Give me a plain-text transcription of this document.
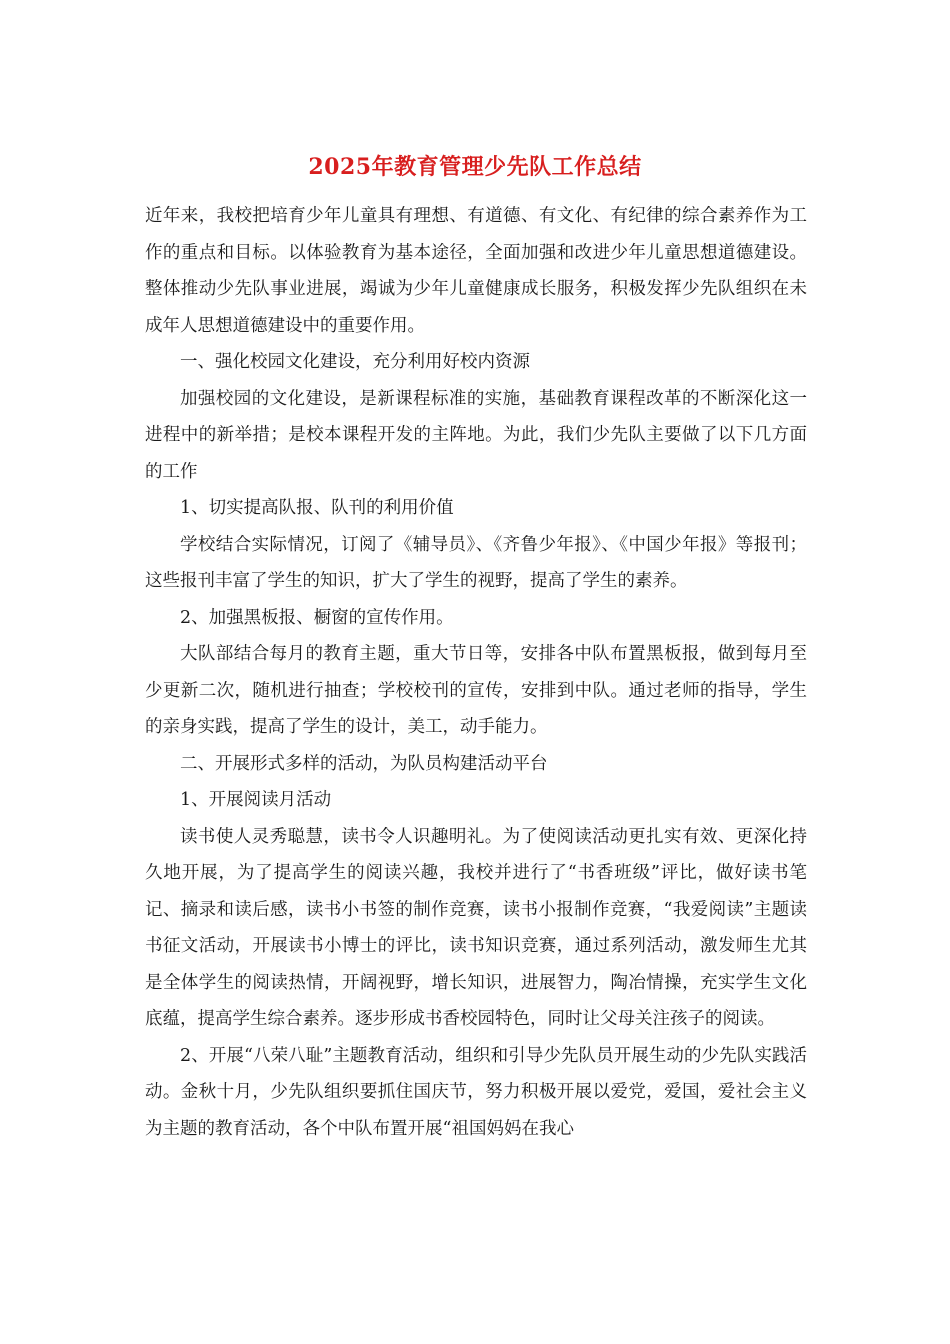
2025年教育管理少先队工作总结

近年来，我校把培育少年儿童具有理想、有道德、有文化、有纪律的综合素养作为工作的重点和目标。以体验教育为基本途径，全面加强和改进少年儿童思想道德建设。整体推动少先队事业进展，竭诚为少年儿童健康成长服务，积极发挥少先队组织在未成年人思想道德建设中的重要作用。

一、强化校园文化建设，充分利用好校内资源

加强校园的文化建设，是新课程标准的实施，基础教育课程改革的不断深化这一进程中的新举措；是校本课程开发的主阵地。为此，我们少先队主要做了以下几方面的工作

1、切实提高队报、队刊的利用价值

学校结合实际情况，订阅了《辅导员》、《齐鲁少年报》、《中国少年报》等报刊；这些报刊丰富了学生的知识，扩大了学生的视野，提高了学生的素养。

2、加强黑板报、橱窗的宣传作用。

大队部结合每月的教育主题，重大节日等，安排各中队布置黑板报，做到每月至少更新二次，随机进行抽查；学校校刊的宣传，安排到中队。通过老师的指导，学生的亲身实践，提高了学生的设计，美工，动手能力。

二、开展形式多样的活动，为队员构建活动平台

1、开展阅读月活动

读书使人灵秀聪慧，读书令人识趣明礼。为了使阅读活动更扎实有效、更深化持久地开展，为了提高学生的阅读兴趣，我校并进行了“书香班级”评比，做好读书笔记、摘录和读后感，读书小书签的制作竞赛，读书小报制作竞赛，“我爱阅读”主题读书征文活动，开展读书小博士的评比，读书知识竞赛，通过系列活动，激发师生尤其是全体学生的阅读热情，开阔视野，增长知识，进展智力，陶冶情操，充实学生文化底蕴，提高学生综合素养。逐步形成书香校园特色，同时让父母关注孩子的阅读。

2、开展“八荣八耻”主题教育活动，组织和引导少先队员开展生动的少先队实践活动。金秋十月，少先队组织要抓住国庆节，努力积极开展以爱党，爱国，爱社会主义为主题的教育活动，各个中队布置开展“祖国妈妈在我心
